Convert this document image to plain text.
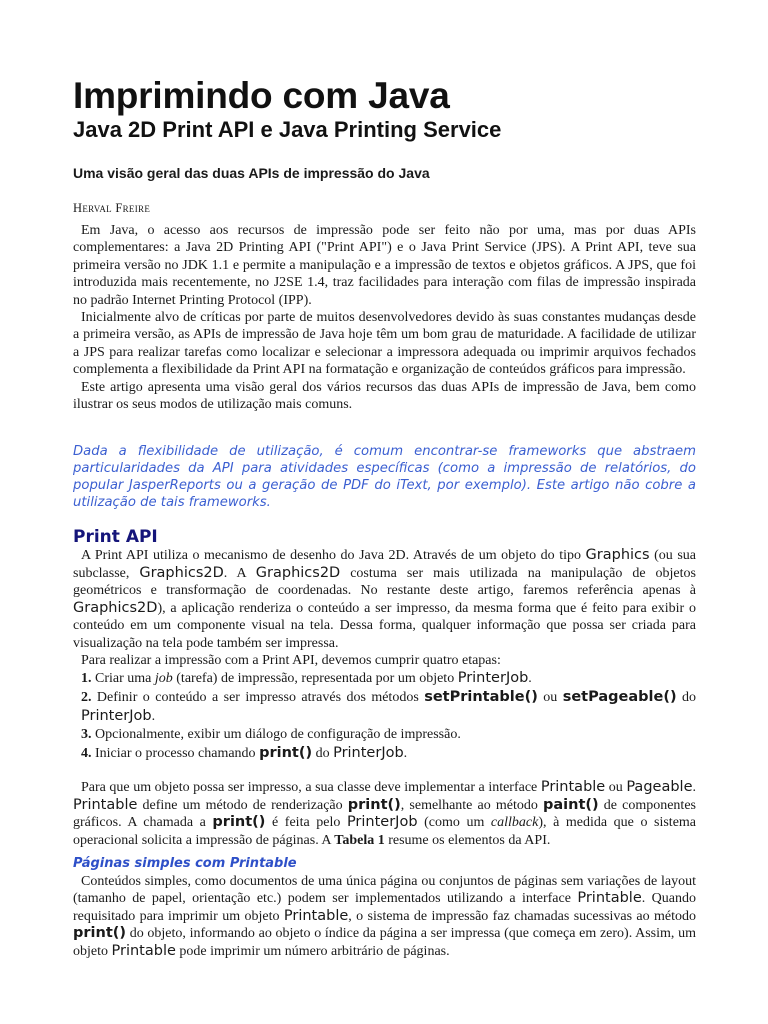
Imprimindo com Java
Java 2D Print API e Java Printing Service
Uma visão geral das duas APIs de impressão do Java
Herval Freire

Em Java, o acesso aos recursos de impressão pode ser feito não por uma, mas por duas APIs complementares: a Java 2D Printing API ("Print API") e o Java Print Service (JPS). A Print API, teve sua primeira versão no JDK 1.1 e permite a manipulação e a impressão de textos e objetos gráficos. A JPS, que foi introduzida mais recentemente, no J2SE 1.4, traz facilidades para interação com filas de impressão inspirada no padrão Internet Printing Protocol (IPP).

Inicialmente alvo de críticas por parte de muitos desenvolvedores devido às suas constantes mudanças desde a primeira versão, as APIs de impressão de Java hoje têm um bom grau de maturidade. A facilidade de utilizar a JPS para realizar tarefas como localizar e selecionar a impressora adequada ou imprimir arquivos fechados complementa a flexibilidade da Print API na formatação e organização de conteúdos gráficos para impressão.

Este artigo apresenta uma visão geral dos vários recursos das duas APIs de impressão de Java, bem como ilustrar os seus modos de utilização mais comuns.

Dada a flexibilidade de utilização, é comum encontrar-se frameworks que abstraem particularidades da API para atividades específicas (como a impressão de relatórios, do popular JasperReports ou a geração de PDF do iText, por exemplo). Este artigo não cobre a utilização de tais frameworks.
Print API

A Print API utiliza o mecanismo de desenho do Java 2D. Através de um objeto do tipo Graphics (ou sua subclasse, Graphics2D. A Graphics2D costuma ser mais utilizada na manipulação de objetos geométricos e transformação de coordenadas. No restante deste artigo, faremos referência apenas à Graphics2D), a aplicação renderiza o conteúdo a ser impresso, da mesma forma que é feito para exibir o conteúdo em um componente visual na tela. Dessa forma, qualquer informação que possa ser criada para visualização na tela pode também ser impressa.

Para realizar a impressão com a Print API, devemos cumprir quatro etapas:

1. Criar uma job (tarefa) de impressão, representada por um objeto PrinterJob.

2. Definir o conteúdo a ser impresso através dos métodos setPrintable() ou setPageable() do PrinterJob.

3. Opcionalmente, exibir um diálogo de configuração de impressão.

4. Iniciar o processo chamando print() do PrinterJob.

Para que um objeto possa ser impresso, a sua classe deve implementar a interface Printable ou Pageable. Printable define um método de renderização print(), semelhante ao método paint() de componentes gráficos. A chamada a print() é feita pelo PrinterJob (como um callback), à medida que o sistema operacional solicita a impressão de páginas. A Tabela 1 resume os elementos da API.

Páginas simples com Printable

Conteúdos simples, como documentos de uma única página ou conjuntos de páginas sem variações de layout (tamanho de papel, orientação etc.) podem ser implementados utilizando a interface Printable. Quando requisitado para imprimir um objeto Printable, o sistema de impressão faz chamadas sucessivas ao método print() do objeto, informando ao objeto o índice da página a ser impressa (que começa em zero). Assim, um objeto Printable pode imprimir um número arbitrário de páginas.
